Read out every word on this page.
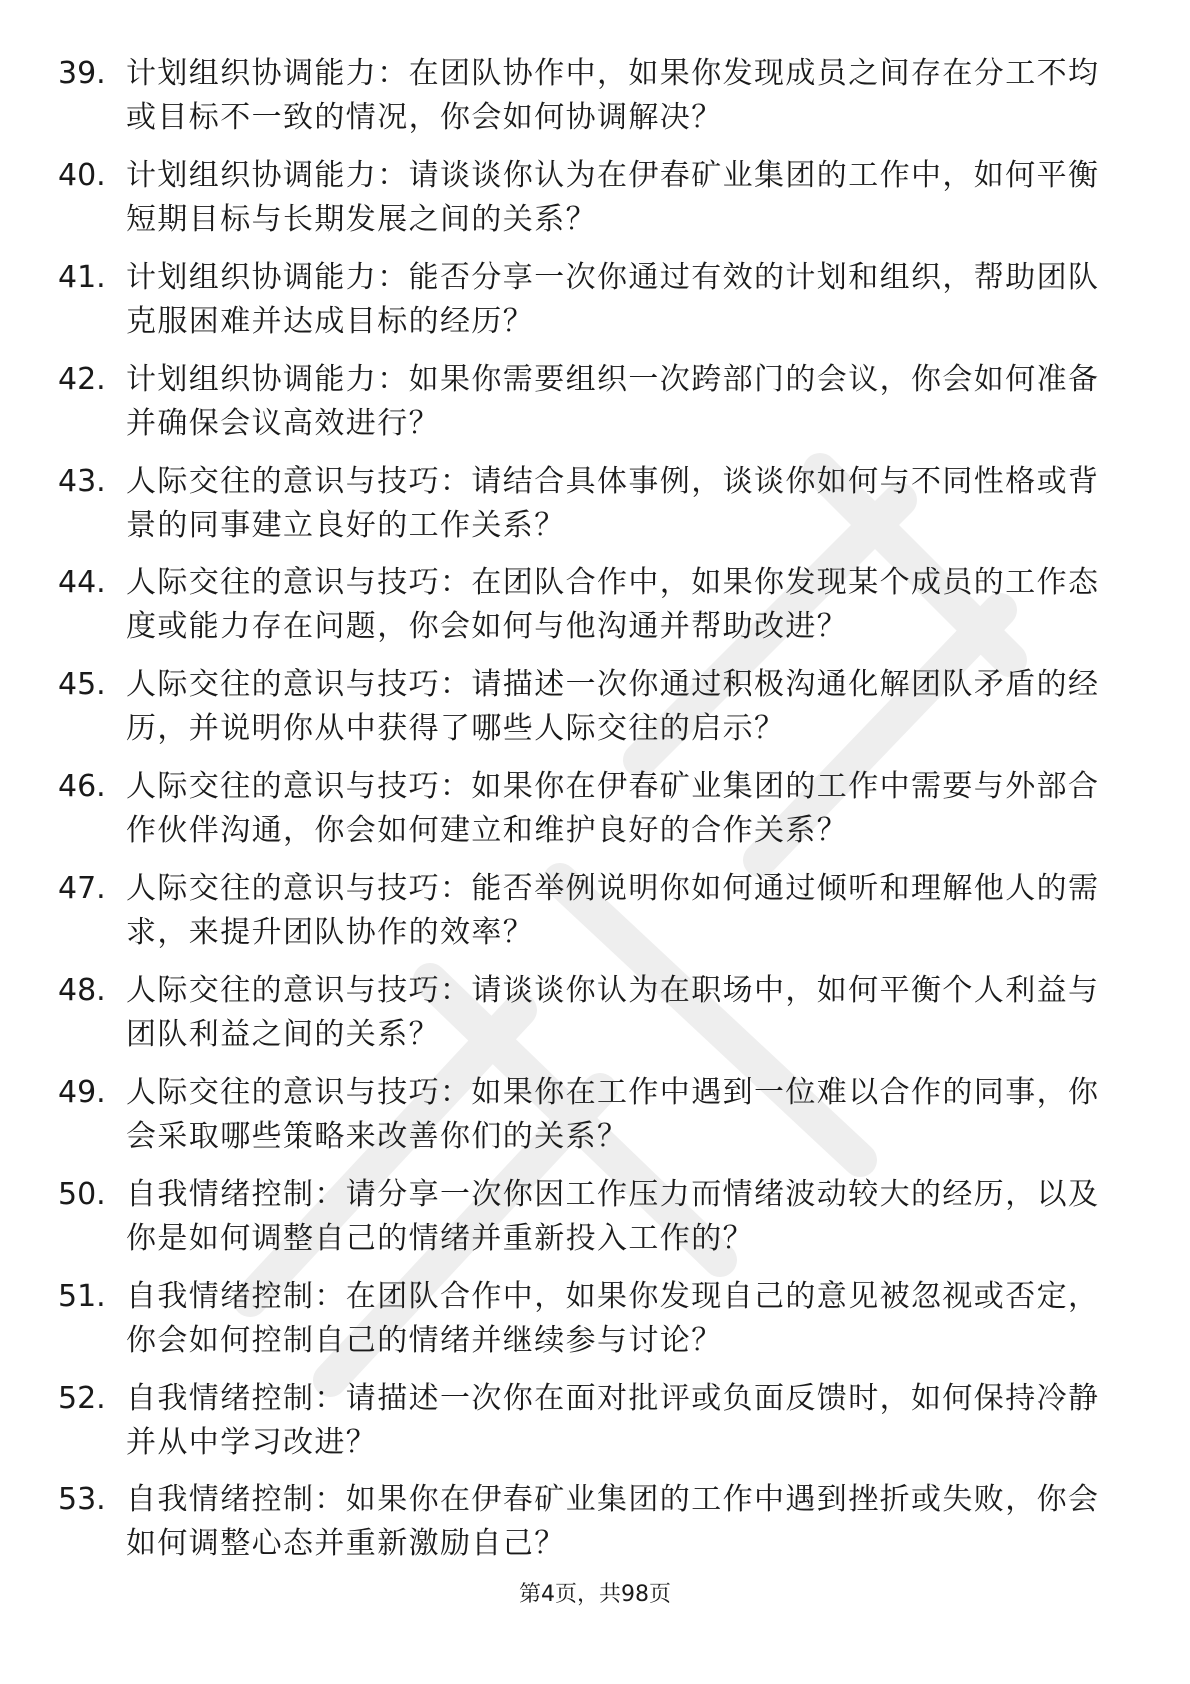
39. 计划组织协调能力：在团队协作中，如果你发现成员之间存在分工不均或目标不一致的情况，你会如何协调解决？
40. 计划组织协调能力：请谈谈你认为在伊春矿业集团的工作中，如何平衡短期目标与长期发展之间的关系？
41. 计划组织协调能力：能否分享一次你通过有效的计划和组织，帮助团队克服困难并达成目标的经历？
42. 计划组织协调能力：如果你需要组织一次跨部门的会议，你会如何准备并确保会议高效进行？
43. 人际交往的意识与技巧：请结合具体事例，谈谈你如何与不同性格或背景的同事建立良好的工作关系？
44. 人际交往的意识与技巧：在团队合作中，如果你发现某个成员的工作态度或能力存在问题，你会如何与他沟通并帮助改进？
45. 人际交往的意识与技巧：请描述一次你通过积极沟通化解团队矛盾的经历，并说明你从中获得了哪些人际交往的启示？
46. 人际交往的意识与技巧：如果你在伊春矿业集团的工作中需要与外部合作伙伴沟通，你会如何建立和维护良好的合作关系？
47. 人际交往的意识与技巧：能否举例说明你如何通过倾听和理解他人的需求，来提升团队协作的效率？
48. 人际交往的意识与技巧：请谈谈你认为在职场中，如何平衡个人利益与团队利益之间的关系？
49. 人际交往的意识与技巧：如果你在工作中遇到一位难以合作的同事，你会采取哪些策略来改善你们的关系？
50. 自我情绪控制：请分享一次你因工作压力而情绪波动较大的经历，以及你是如何调整自己的情绪并重新投入工作的？
51. 自我情绪控制：在团队合作中，如果你发现自己的意见被忽视或否定，你会如何控制自己的情绪并继续参与讨论？
52. 自我情绪控制：请描述一次你在面对批评或负面反馈时，如何保持冷静并从中学习改进？
53. 自我情绪控制：如果你在伊春矿业集团的工作中遇到挫折或失败，你会如何调整心态并重新激励自己？
第4页，共98页
